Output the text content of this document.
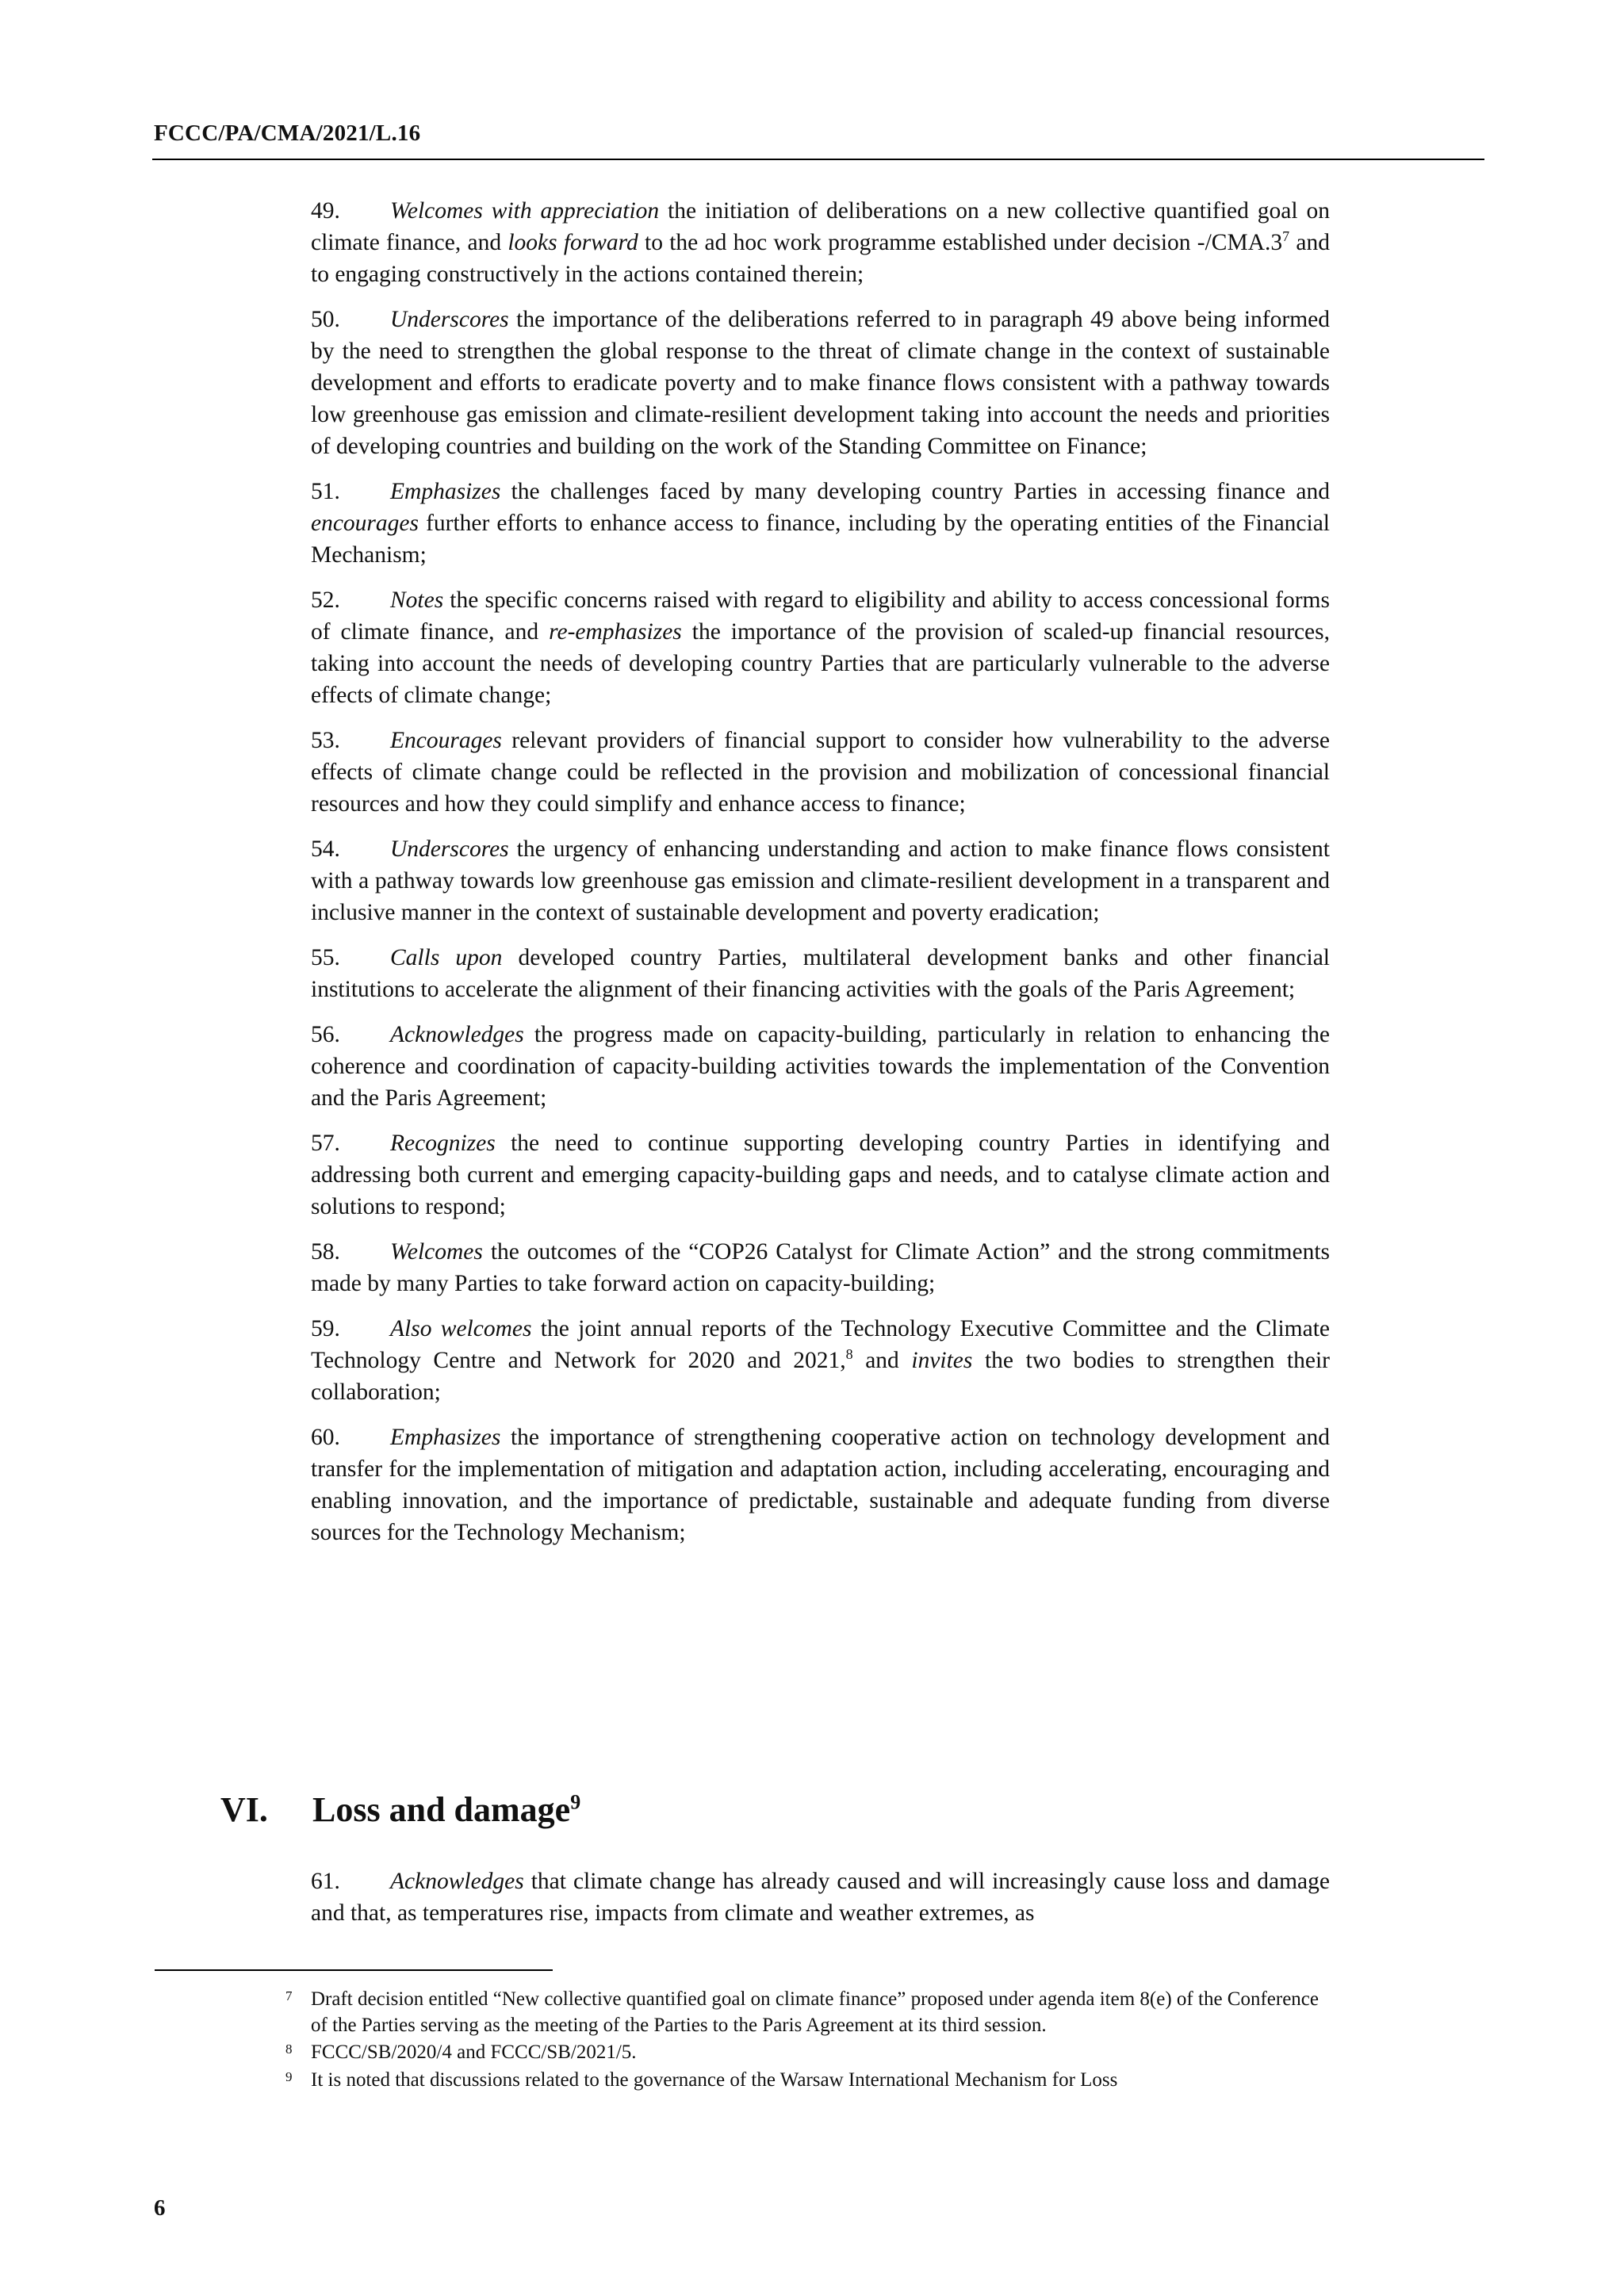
FCCC/PA/CMA/2021/L.16

49. Welcomes with appreciation the initiation of deliberations on a new collective quantified goal on climate finance, and looks forward to the ad hoc work programme established under decision $-/CMA.3^7$ and to engaging constructively in the actions contained therein;

50. Underscores the importance of the deliberations referred to in paragraph 49 above being informed by the need to strengthen the global response to the threat of climate change in the context of sustainable development and efforts to eradicate poverty and to make finance flows consistent with a pathway towards low greenhouse gas emission and climate-resilient development taking into account the needs and priorities of developing countries and building on the work of the Standing Committee on Finance;

51. Emphasizes the challenges faced by many developing country Parties in accessing finance and encourages further efforts to enhance access to finance, including by the operating entities of the Financial Mechanism;

52. Notes the specific concerns raised with regard to eligibility and ability to access concessional forms of climate finance, and re-emphasizes the importance of the provision of scaled-up financial resources, taking into account the needs of developing country Parties that are particularly vulnerable to the adverse effects of climate change;

53. Encourages relevant providers of financial support to consider how vulnerability to the adverse effects of climate change could be reflected in the provision and mobilization of concessional financial resources and how they could simplify and enhance access to finance;

54. Underscores the urgency of enhancing understanding and action to make finance flows consistent with a pathway towards low greenhouse gas emission and climate-resilient development in a transparent and inclusive manner in the context of sustainable development and poverty eradication;

55. Calls upon developed country Parties, multilateral development banks and other financial institutions to accelerate the alignment of their financing activities with the goals of the Paris Agreement;

56. Acknowledges the progress made on capacity-building, particularly in relation to enhancing the coherence and coordination of capacity-building activities towards the implementation of the Convention and the Paris Agreement;

57. Recognizes the need to continue supporting developing country Parties in identifying and addressing both current and emerging capacity-building gaps and needs, and to catalyse climate action and solutions to respond;

58. Welcomes the outcomes of the “COP26 Catalyst for Climate Action” and the strong commitments made by many Parties to take forward action on capacity-building;

59. Also welcomes the joint annual reports of the Technology Executive Committee and the Climate Technology Centre and Network for 2020 and 2021,$^8$ and invites the two bodies to strengthen their collaboration;

60. Emphasizes the importance of strengthening cooperative action on technology development and transfer for the implementation of mitigation and adaptation action, including accelerating, encouraging and enabling innovation, and the importance of predictable, sustainable and adequate funding from diverse sources for the Technology Mechanism;

VI. Loss and damage$^9$

61. Acknowledges that climate change has already caused and will increasingly cause loss and damage and that, as temperatures rise, impacts from climate and weather extremes, as

7 Draft decision entitled “New collective quantified goal on climate finance” proposed under agenda item 8(e) of the Conference of the Parties serving as the meeting of the Parties to the Paris Agreement at its third session.
8 FCCC/SB/2020/4 and FCCC/SB/2021/5.
9 It is noted that discussions related to the governance of the Warsaw International Mechanism for Loss
6
